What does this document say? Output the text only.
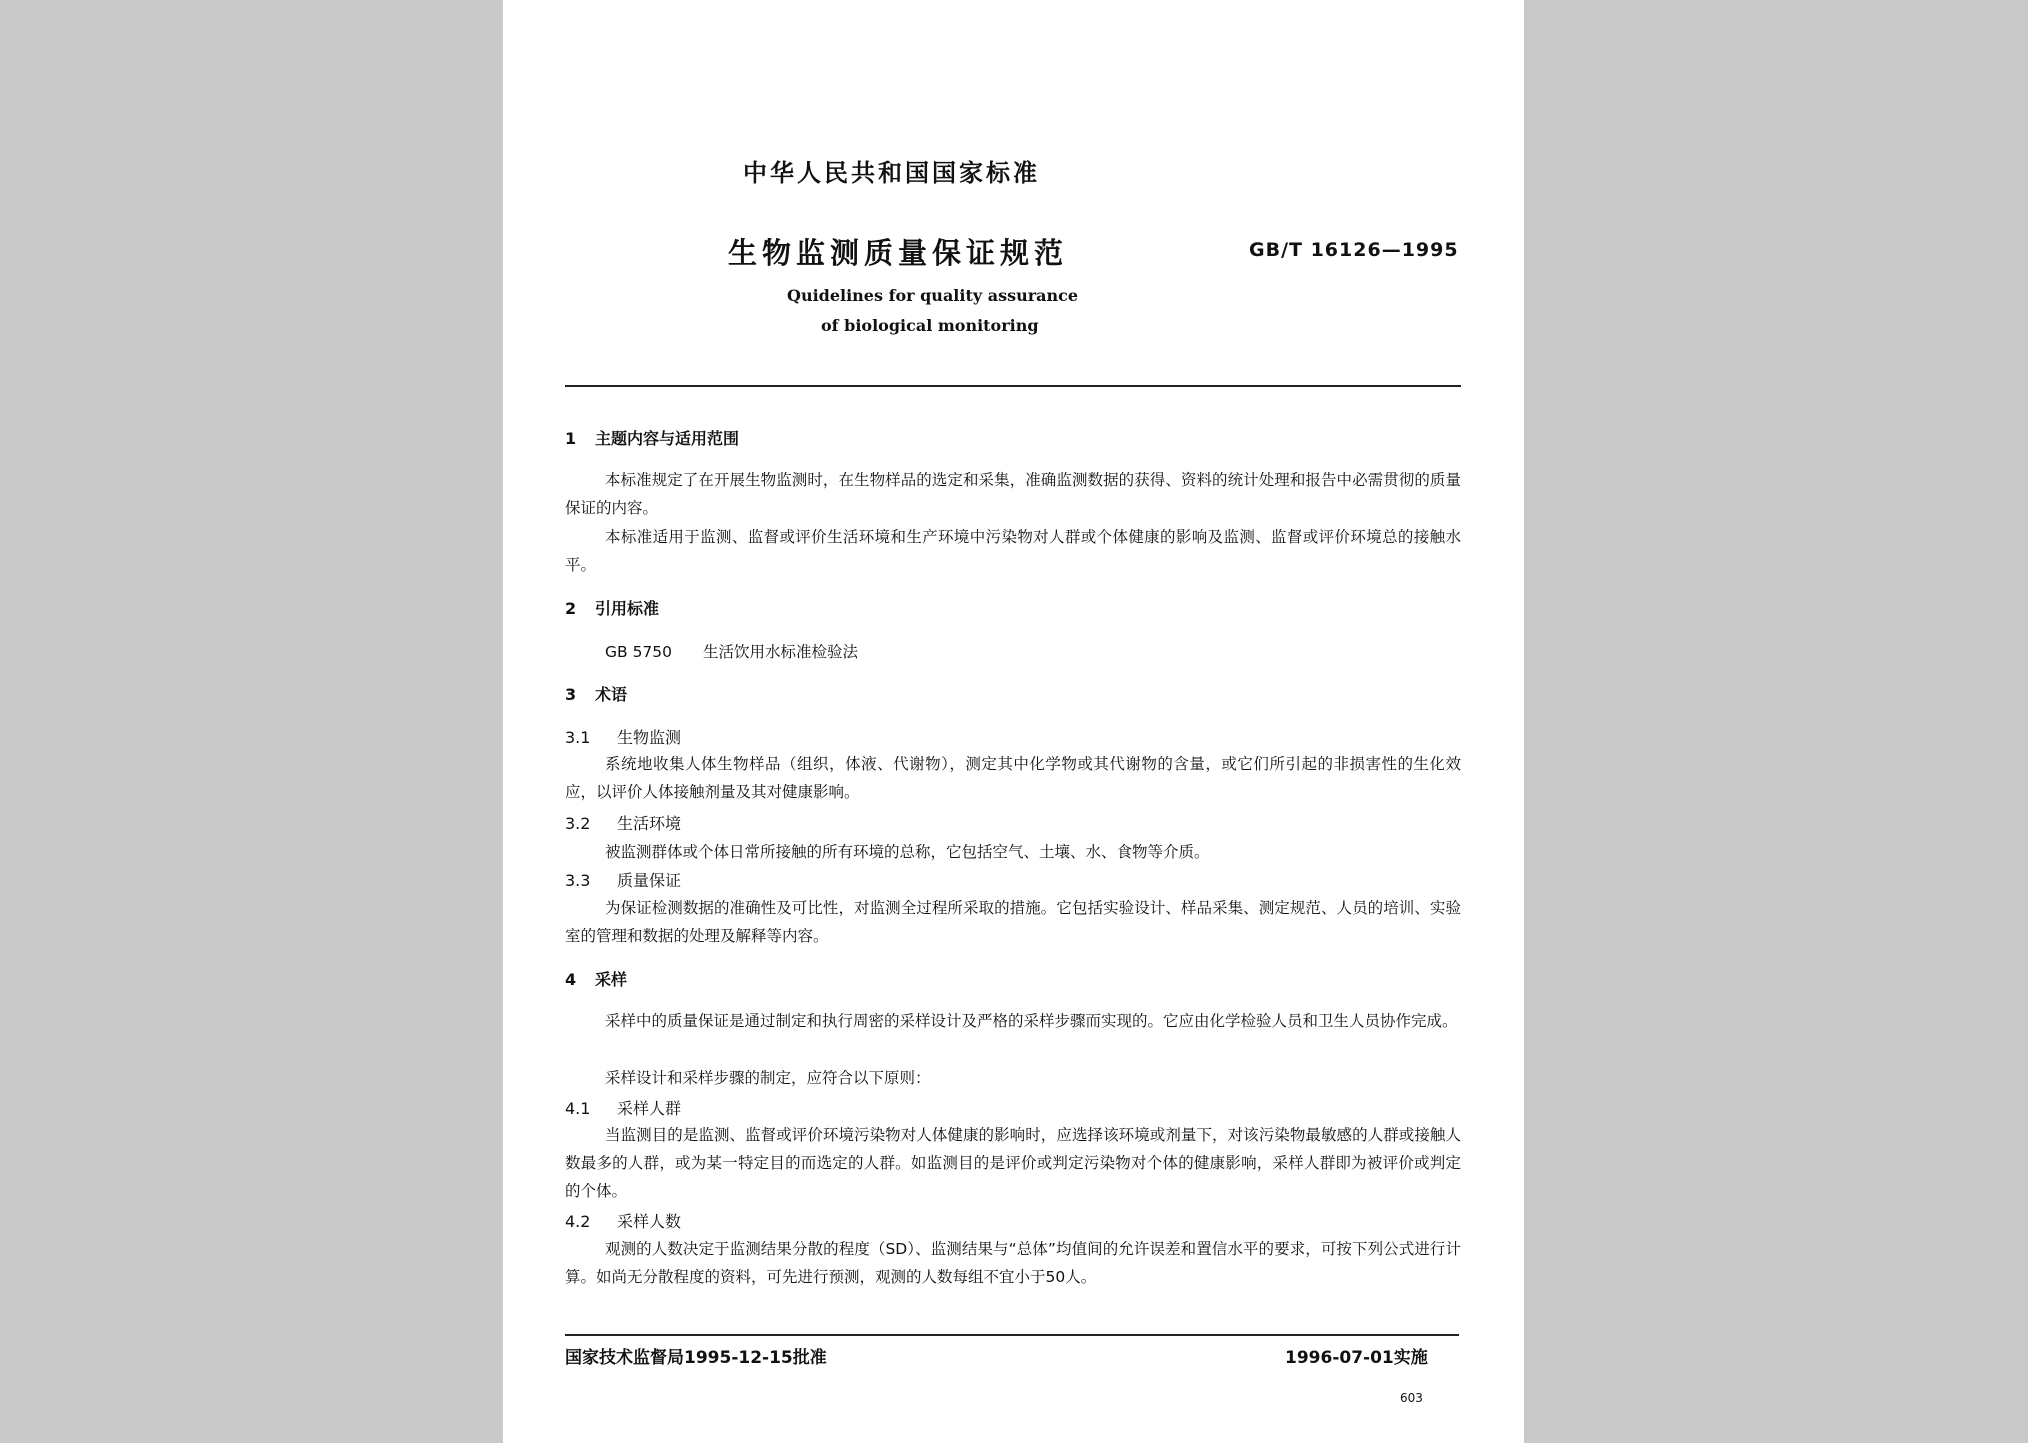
中华人民共和国国家标准
生物监测质量保证规范	GB/T 16126—1995
Quidelines for quality assurance
of biological monitoring
1 主题内容与适用范围
本标准规定了在开展生物监测时，在生物样品的选定和采集，准确监测数据的获得、资料的统计处理和报告中必需贯彻的质量保证的内容。
本标准适用于监测、监督或评价生活环境和生产环境中污染物对人群或个体健康的影响及监测、监督或评价环境总的接触水平。
2 引用标准
GB 5750 生活饮用水标准检验法
3 术语
3.1 生物监测
系统地收集人体生物样品（组织，体液、代谢物），测定其中化学物或其代谢物的含量，或它们所引起的非损害性的生化效应，以评价人体接触剂量及其对健康影响。
3.2 生活环境
被监测群体或个体日常所接触的所有环境的总称，它包括空气、土壤、水、食物等介质。
3.3 质量保证
为保证检测数据的准确性及可比性，对监测全过程所采取的措施。它包括实验设计、样品采集、测定规范、人员的培训、实验室的管理和数据的处理及解释等内容。
4 采样
采样中的质量保证是通过制定和执行周密的采样设计及严格的采样步骤而实现的。它应由化学检验人员和卫生人员协作完成。
采样设计和采样步骤的制定，应符合以下原则：
4.1 采样人群
当监测目的是监测、监督或评价环境污染物对人体健康的影响时，应选择该环境或剂量下，对该污染物最敏感的人群或接触人数最多的人群，或为某一特定目的而选定的人群。如监测目的是评价或判定污染物对个体的健康影响，采样人群即为被评价或判定的个体。
4.2 采样人数
观测的人数决定于监测结果分散的程度（SD）、监测结果与“总体”均值间的允许误差和置信水平的要求，可按下列公式进行计算。如尚无分散程度的资料，可先进行预测，观测的人数每组不宜小于50人。
国家技术监督局1995-12-15批准	1996-07-01实施
603
